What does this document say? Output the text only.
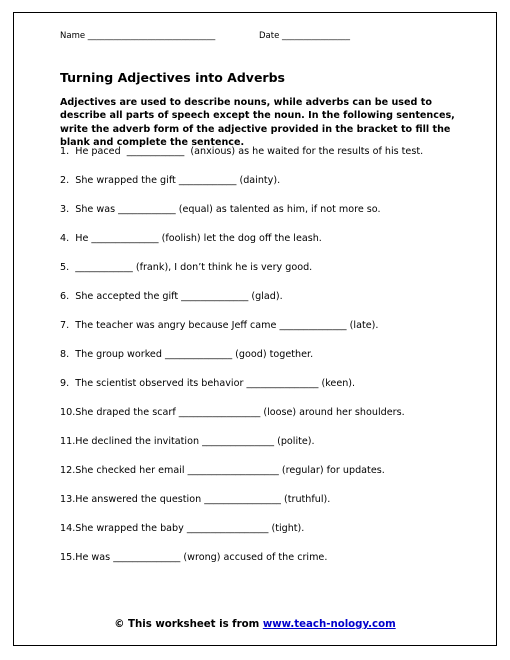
Name ______________________________	Date ________________
Turning Adjectives into Adverbs
Adjectives are used to describe nouns, while adverbs can be used to describe all parts of speech except the noun. In the following sentences, write the adverb form of the adjective provided in the bracket to fill the blank and complete the sentence.
1.  He paced  ____________  (anxious) as he waited for the results of his test.
2.  She wrapped the gift ____________ (dainty).
3.  She was ____________ (equal) as talented as him, if not more so.
4.  He ______________ (foolish) let the dog off the leash.
5.  ____________ (frank), I don’t think he is very good.
6.  She accepted the gift ______________ (glad).
7.  The teacher was angry because Jeff came ______________ (late).
8.  The group worked ______________ (good) together.
9.  The scientist observed its behavior _______________ (keen).
10.She draped the scarf _________________ (loose) around her shoulders.
11.He declined the invitation _______________ (polite).
12.She checked her email ___________________ (regular) for updates.
13.He answered the question ________________ (truthful).
14.She wrapped the baby _________________ (tight).
15.He was ______________ (wrong) accused of the crime.
© This worksheet is from www.teach-nology.com
